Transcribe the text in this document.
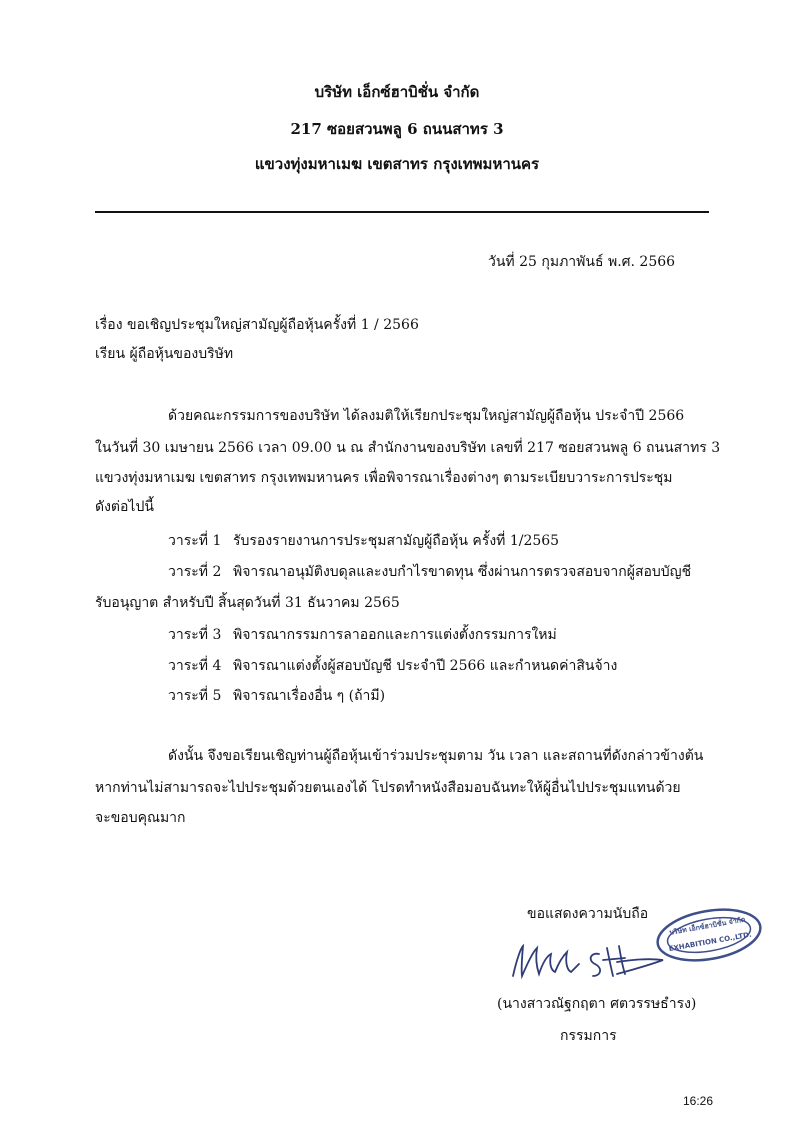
บริษัท เอ็กซ์ฮาบิชั่น จำกัด
217 ซอยสวนพลู 6 ถนนสาทร 3
แขวงทุ่งมหาเมฆ เขตสาทร กรุงเทพมหานคร
วันที่ 25 กุมภาพันธ์ พ.ศ. 2566
เรื่อง ขอเชิญประชุมใหญ่สามัญผู้ถือหุ้นครั้งที่ 1 / 2566
เรียน ผู้ถือหุ้นของบริษัท
ด้วยคณะกรรมการของบริษัท ได้ลงมติให้เรียกประชุมใหญ่สามัญผู้ถือหุ้น ประจำปี 2566
ในวันที่ 30 เมษายน 2566 เวลา 09.00 น ณ สำนักงานของบริษัท เลขที่ 217 ซอยสวนพลู 6 ถนนสาทร 3
แขวงทุ่งมหาเมฆ เขตสาทร กรุงเทพมหานคร เพื่อพิจารณาเรื่องต่างๆ ตามระเบียบวาระการประชุม
ดังต่อไปนี้
วาระที่ 1 รับรองรายงานการประชุมสามัญผู้ถือหุ้น ครั้งที่ 1/2565
วาระที่ 2 พิจารณาอนุมัติงบดุลและงบกำไรขาดทุน ซึ่งผ่านการตรวจสอบจากผู้สอบบัญชี
รับอนุญาต สำหรับปี สิ้นสุดวันที่ 31 ธันวาคม 2565
วาระที่ 3 พิจารณากรรมการลาออกและการแต่งตั้งกรรมการใหม่
วาระที่ 4 พิจารณาแต่งตั้งผู้สอบบัญชี ประจำปี 2566 และกำหนดค่าสินจ้าง
วาระที่ 5 พิจารณาเรื่องอื่น ๆ (ถ้ามี)
ดังนั้น จึงขอเรียนเชิญท่านผู้ถือหุ้นเข้าร่วมประชุมตาม วัน เวลา และสถานที่ดังกล่าวข้างต้น
หากท่านไม่สามารถจะไปประชุมด้วยตนเองได้ โปรดทำหนังสือมอบฉันทะให้ผู้อื่นไปประชุมแทนด้วย
จะขอบคุณมาก
ขอแสดงความนับถือ
บริษัท เอ็กซ์ฮาบิชั่น จำกัด
EXHABITION CO.,LTD.
(นางสาวณัฐกฤตา ศตวรรษธำรง)
กรรมการ
16:26
